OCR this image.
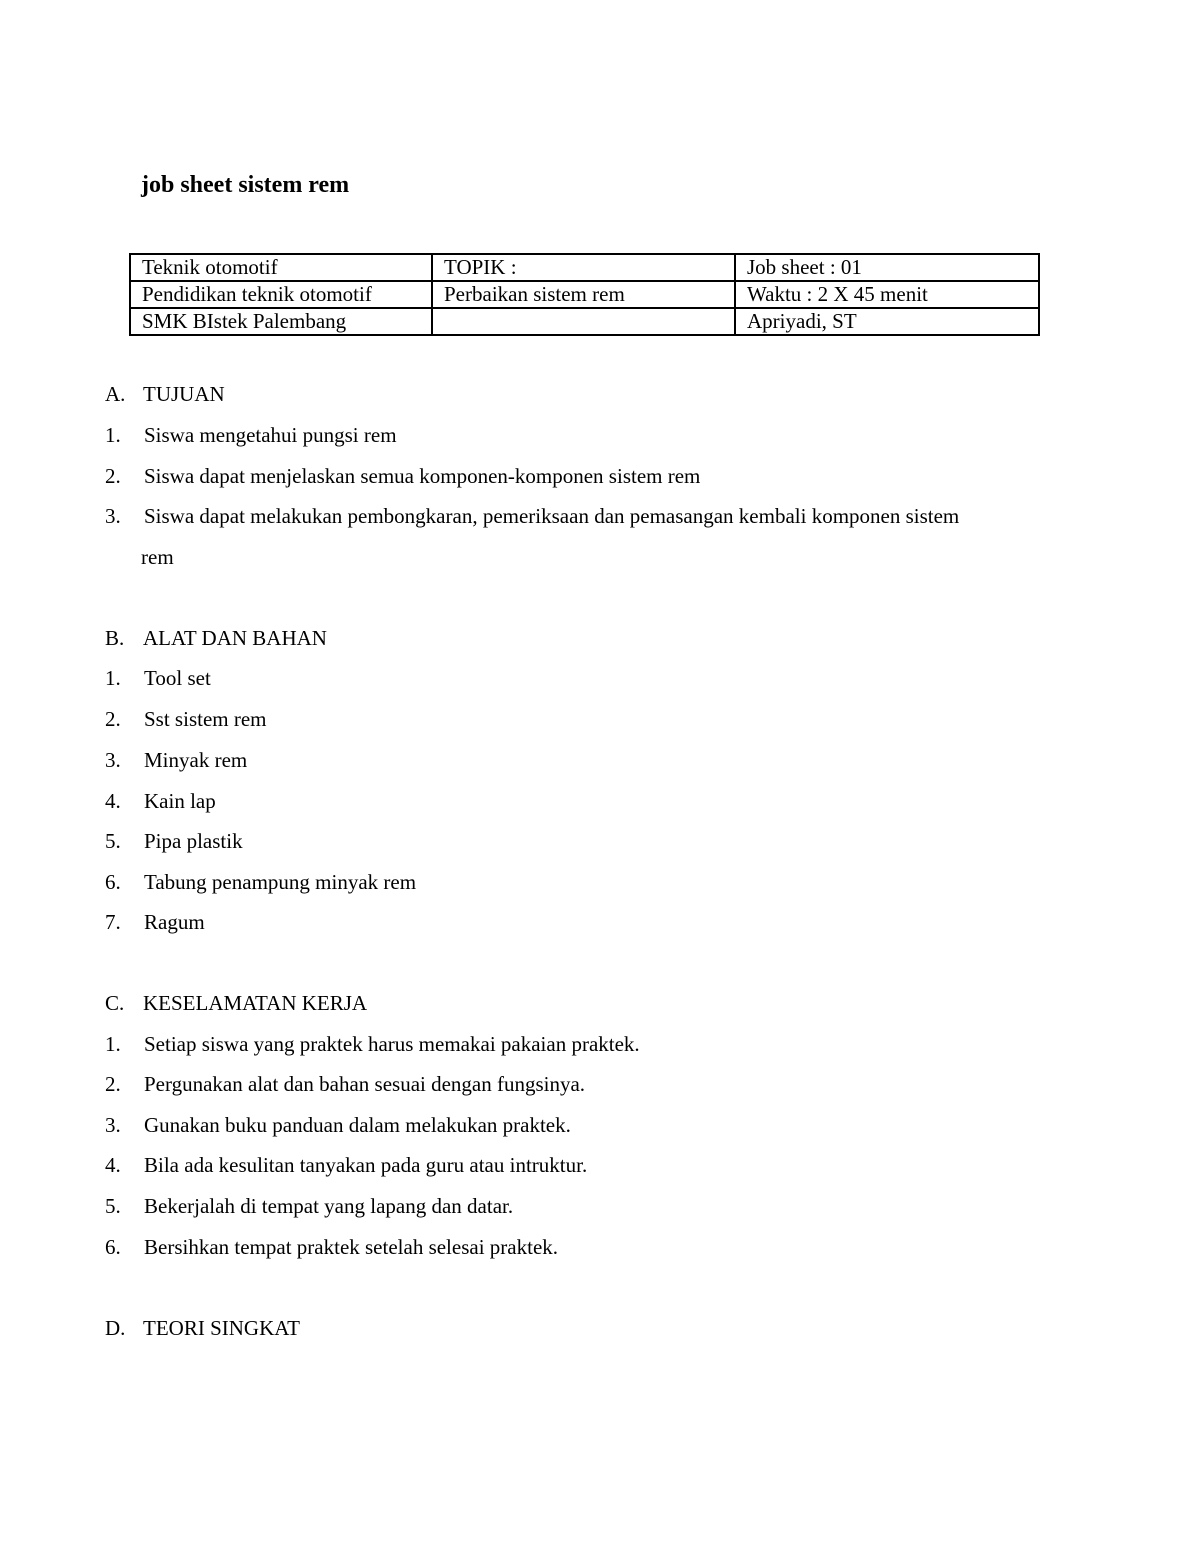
job sheet sistem rem
Teknik otomotif	TOPIK :	Job sheet : 01
Pendidikan teknik otomotif	Perbaikan sistem rem	Waktu : 2 X 45 menit
SMK BIstek Palembang		Apriyadi, ST
A. TUJUAN
1. Siswa mengetahui pungsi rem
2. Siswa dapat menjelaskan semua komponen-komponen sistem rem
3. Siswa dapat melakukan pembongkaran, pemeriksaan dan pemasangan kembali komponen sistem
rem
B. ALAT DAN BAHAN
1. Tool set
2. Sst sistem rem
3. Minyak rem
4. Kain lap
5. Pipa plastik
6. Tabung penampung minyak rem
7. Ragum
C. KESELAMATAN KERJA
1. Setiap siswa yang praktek harus memakai pakaian praktek.
2. Pergunakan alat dan bahan sesuai dengan fungsinya.
3. Gunakan buku panduan dalam melakukan praktek.
4. Bila ada kesulitan tanyakan pada guru atau intruktur.
5. Bekerjalah di tempat yang lapang dan datar.
6. Bersihkan tempat praktek setelah selesai praktek.
D. TEORI SINGKAT
